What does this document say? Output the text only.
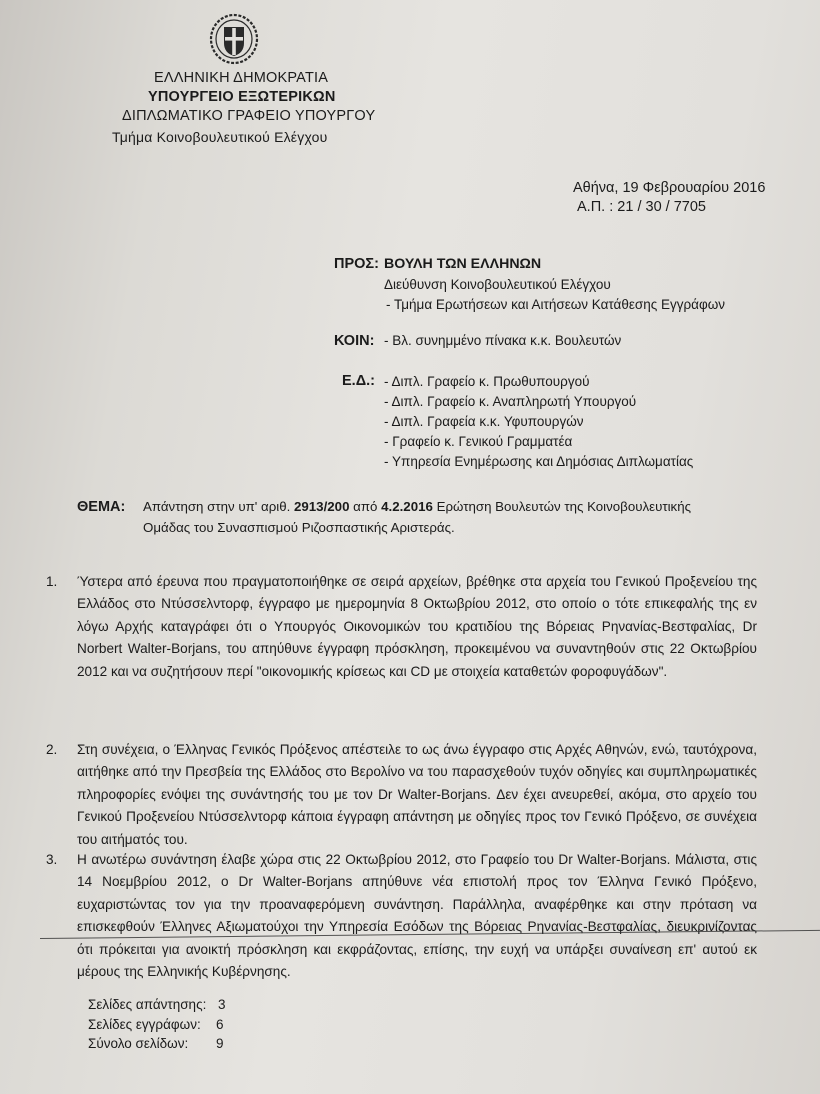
ΕΛΛΗΝΙΚΗ ΔΗΜΟΚΡΑΤΙΑ
ΥΠΟΥΡΓΕΙΟ ΕΞΩΤΕΡΙΚΩΝ
ΔΙΠΛΩΜΑΤΙΚΟ ΓΡΑΦΕΙΟ ΥΠΟΥΡΓΟΥ
Τμήμα Κοινοβουλευτικού Ελέγχου
Αθήνα, 19 Φεβρουαρίου 2016
Α.Π. : 21 / 30 / 7705
ΠΡΟΣ: ΒΟΥΛΗ ΤΩΝ ΕΛΛΗΝΩΝ
Διεύθυνση Κοινοβουλευτικού Ελέγχου
- Τμήμα Ερωτήσεων και Αιτήσεων Κατάθεσης Εγγράφων
ΚΟΙΝ: - Βλ. συνημμένο πίνακα κ.κ. Βουλευτών
Ε.Δ.: - Διπλ. Γραφείο κ. Πρωθυπουργού
- Διπλ. Γραφείο κ. Αναπληρωτή Υπουργού
- Διπλ. Γραφεία κ.κ. Υφυπουργών
- Γραφείο κ. Γενικού Γραμματέα
- Υπηρεσία Ενημέρωσης και Δημόσιας Διπλωματίας
ΘΕΜΑ: Απάντηση στην υπ' αριθ. 2913/200 από 4.2.2016 Ερώτηση Βουλευτών της Κοινοβουλευτικής
Ομάδας του Συνασπισμού Ριζοσπαστικής Αριστεράς.
1. Ύστερα από έρευνα που πραγματοποιήθηκε σε σειρά αρχείων, βρέθηκε στα αρχεία του Γενικού Προξενείου της Ελλάδος στο Ντύσσελντορφ, έγγραφο με ημερομηνία 8 Οκτωβρίου 2012, στο οποίο ο τότε επικεφαλής της εν λόγω Αρχής καταγράφει ότι ο Υπουργός Οικονομικών του κρατιδίου της Βόρειας Ρηνανίας-Βεστφαλίας, Dr Norbert Walter-Borjans, του απηύθυνε έγγραφη πρόσκληση, προκειμένου να συναντηθούν στις 22 Οκτωβρίου 2012 και να συζητήσουν περί "οικονομικής κρίσεως και CD με στοιχεία καταθετών φοροφυγάδων".
2. Στη συνέχεια, ο Έλληνας Γενικός Πρόξενος απέστειλε το ως άνω έγγραφο στις Αρχές Αθηνών, ενώ, ταυτόχρονα, αιτήθηκε από την Πρεσβεία της Ελλάδος στο Βερολίνο να του παρασχεθούν τυχόν οδηγίες και συμπληρωματικές πληροφορίες ενόψει της συνάντησής του με τον Dr Walter-Borjans. Δεν έχει ανευρεθεί, ακόμα, στο αρχείο του Γενικού Προξενείου Ντύσσελντορφ κάποια έγγραφη απάντηση με οδηγίες προς τον Γενικό Πρόξενο, σε συνέχεια του αιτήματός του.
3. Η ανωτέρω συνάντηση έλαβε χώρα στις 22 Οκτωβρίου 2012, στο Γραφείο του Dr Walter-Borjans. Μάλιστα, στις 14 Νοεμβρίου 2012, ο Dr Walter-Borjans απηύθυνε νέα επιστολή προς τον Έλληνα Γενικό Πρόξενο, ευχαριστώντας τον για την προαναφερόμενη συνάντηση. Παράλληλα, αναφέρθηκε και στην πρόταση να επισκεφθούν Έλληνες Αξιωματούχοι την Υπηρεσία Εσόδων της Βόρειας Ρηνανίας-Βεστφαλίας, διευκρινίζοντας ότι πρόκειται για ανοικτή πρόσκληση και εκφράζοντας, επίσης, την ευχή να υπάρξει συναίνεση επ' αυτού εκ μέρους της Ελληνικής Κυβέρνησης.
Σελίδες απάντησης: 3
Σελίδες εγγράφων: 6
Σύνολο σελίδων: 9
